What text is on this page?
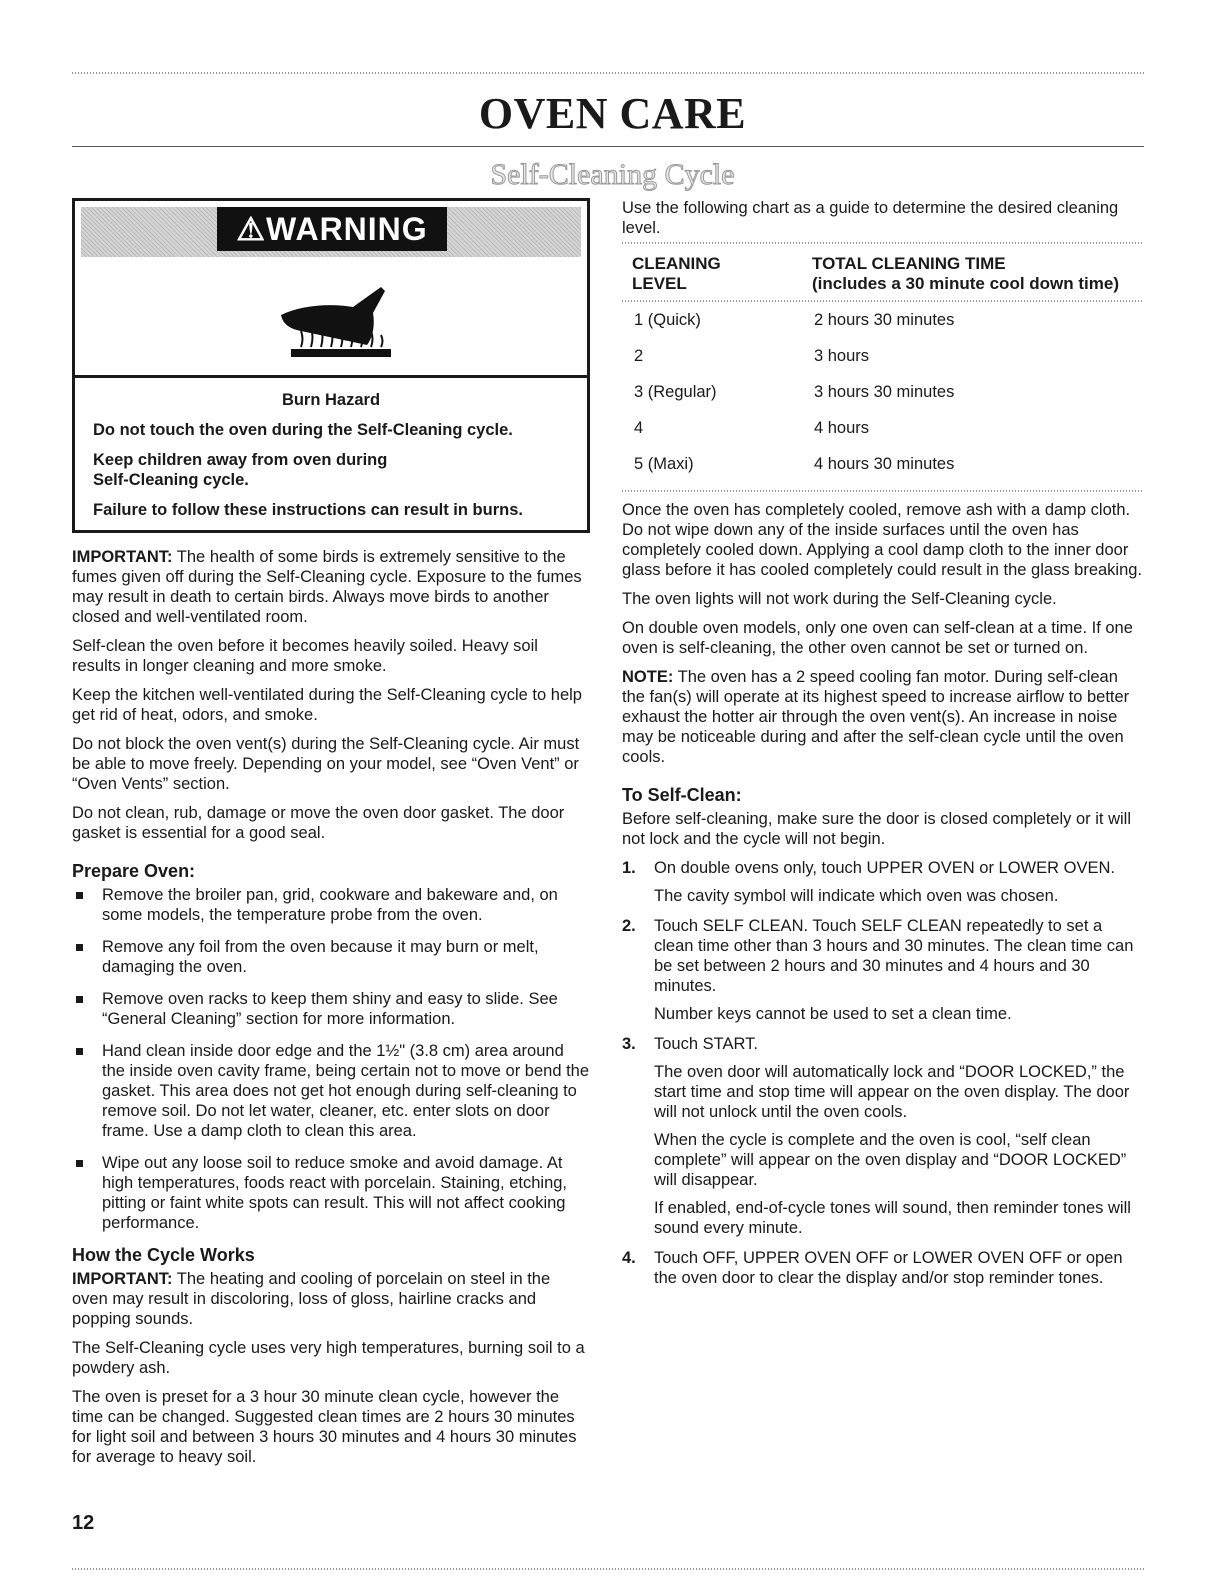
OVEN CARE
Self-Cleaning Cycle
⚠WARNING
Burn Hazard
Do not touch the oven during the Self-Cleaning cycle.
Keep children away from oven during Self-Cleaning cycle.
Failure to follow these instructions can result in burns.

IMPORTANT: The health of some birds is extremely sensitive to the fumes given off during the Self-Cleaning cycle. Exposure to the fumes may result in death to certain birds. Always move birds to another closed and well-ventilated room.

Self-clean the oven before it becomes heavily soiled. Heavy soil results in longer cleaning and more smoke.

Keep the kitchen well-ventilated during the Self-Cleaning cycle to help get rid of heat, odors, and smoke.

Do not block the oven vent(s) during the Self-Cleaning cycle. Air must be able to move freely. Depending on your model, see “Oven Vent” or “Oven Vents” section.

Do not clean, rub, damage or move the oven door gasket. The door gasket is essential for a good seal.

Prepare Oven:
Remove the broiler pan, grid, cookware and bakeware and, on some models, the temperature probe from the oven.
Remove any foil from the oven because it may burn or melt, damaging the oven.
Remove oven racks to keep them shiny and easy to slide. See “General Cleaning” section for more information.
Hand clean inside door edge and the 1½" (3.8 cm) area around the inside oven cavity frame, being certain not to move or bend the gasket. This area does not get hot enough during self-cleaning to remove soil. Do not let water, cleaner, etc. enter slots on door frame. Use a damp cloth to clean this area.
Wipe out any loose soil to reduce smoke and avoid damage. At high temperatures, foods react with porcelain. Staining, etching, pitting or faint white spots can result. This will not affect cooking performance.
How the Cycle Works

IMPORTANT: The heating and cooling of porcelain on steel in the oven may result in discoloring, loss of gloss, hairline cracks and popping sounds.

The Self-Cleaning cycle uses very high temperatures, burning soil to a powdery ash.

The oven is preset for a 3 hour 30 minute clean cycle, however the time can be changed. Suggested clean times are 2 hours 30 minutes for light soil and between 3 hours 30 minutes and 4 hours 30 minutes for average to heavy soil.

Use the following chart as a guide to determine the desired cleaning level.

CLEANING
LEVEL	TOTAL CLEANING TIME
(includes a 30 minute cool down time)

1 (Quick)	2 hours 30 minutes
2	3 hours
3 (Regular)	3 hours 30 minutes
4	4 hours
5 (Maxi)	4 hours 30 minutes

Once the oven has completely cooled, remove ash with a damp cloth. Do not wipe down any of the inside surfaces until the oven has completely cooled down. Applying a cool damp cloth to the inner door glass before it has cooled completely could result in the glass breaking.

The oven lights will not work during the Self-Cleaning cycle.

On double oven models, only one oven can self-clean at a time. If one oven is self-cleaning, the other oven cannot be set or turned on.

NOTE: The oven has a 2 speed cooling fan motor. During self-clean the fan(s) will operate at its highest speed to increase airflow to better exhaust the hotter air through the oven vent(s). An increase in noise may be noticeable during and after the self-clean cycle until the oven cools.

To Self-Clean:

Before self-cleaning, make sure the door is closed completely or it will not lock and the cycle will not begin.

1. On double ovens only, touch UPPER OVEN or LOWER OVEN.
The cavity symbol will indicate which oven was chosen.
2. Touch SELF CLEAN. Touch SELF CLEAN repeatedly to set a clean time other than 3 hours and 30 minutes. The clean time can be set between 2 hours and 30 minutes and 4 hours and 30 minutes.
Number keys cannot be used to set a clean time.
3. Touch START.
The oven door will automatically lock and “DOOR LOCKED,” the start time and stop time will appear on the oven display. The door will not unlock until the oven cools.
When the cycle is complete and the oven is cool, “self clean complete” will appear on the oven display and “DOOR LOCKED” will disappear.
If enabled, end-of-cycle tones will sound, then reminder tones will sound every minute.
4. Touch OFF, UPPER OVEN OFF or LOWER OVEN OFF or open the oven door to clear the display and/or stop reminder tones.
12
